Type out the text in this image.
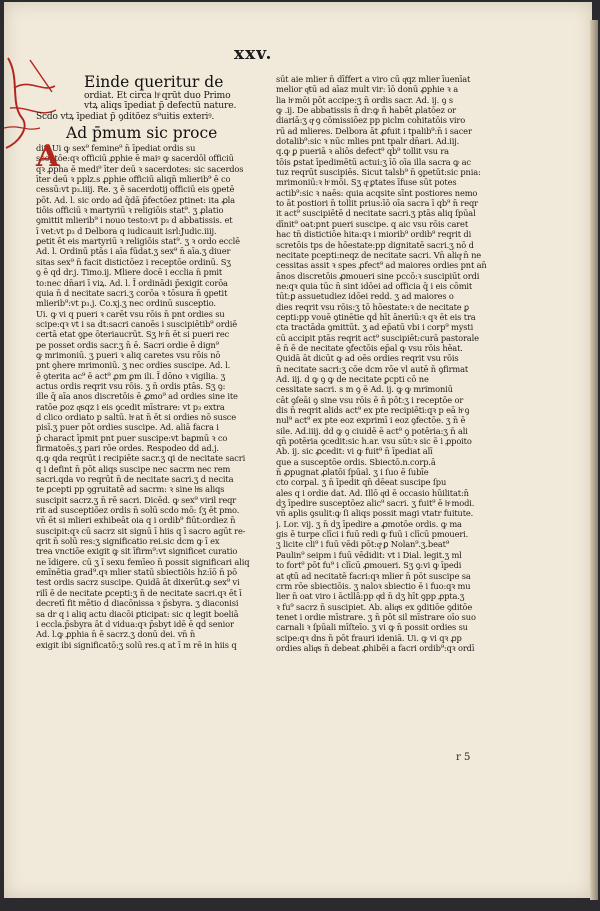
xxv.
Einde queritur de
ordiat. Et circa hͦ qrūt duo Primo
vtꝝ aliqs īpediat p̄ defectū nature.
Scdo vtꝝ īpediat p̄ ꝯditōez s⁹uitis exteriꝰ.
Ad p̄mum sic proce
dit. Ui ꝙ sex⁹ femine⁹ n̄ īpediat ordis su
sceptōe:qꝛ officiū ꝓphie ē maiꝰ ꝙ sacerdōl officiū
qꝛ ꝓpha ē medi⁹ īter deū ꝛ sacerdotes: sic sacerdos
īter deū ꝛ pplz.s ꝓphie officiū aliqn̄ mlierib⁹ ē co
cessū:vt p₃.iiij. Re. ʒ ē sacerdotij officiū eis ꝯpetē
pōt. Ad. l. sic ordo ad q̄dā p̄fectōez ptinet: ita ꝓla
tiōis officiū ꝛ martyriū ꝛ religiōis stat⁹. ʒ ꝓlatio
ꝯmittit mlierib⁹ i nouo testo:vt p₃ d abbatissis. et
ī vet:vt p₃ d Delbora q iudicauit isrl:Judic.iiij.
ꝑetit ēt eis martyriū ꝛ religiōis stat⁹. ʒ ꝛ ordo ecclē
Ad. l. Ordinū ptās i aīa fūdat.ʒ sex⁹ n̄ aīa.ʒ diuer
sitas sex⁹ n̄ facit distictōez i receptōe ordinū. Sʒ
ꝯ ē qd̄ dr.j. Timo.ij. Mliere docē i ecclia n̄ pmit
to:nec dn̄ari ī viꝝ. Ad. l. Ī ordinādi p̄exigit corōa
quia n̄ d necitate sacri.ʒ corōa ꝛ tōsura n̄ ꝯpetit
mlierib⁹:vt p₃.j. Co.xj.ʒ nec ordinū susceptio.
Ui. ꝙ vi q pueri ꝛ carēt vsu rōis n̄ pnt ordies su
scipe:qꝛ vt i sa dt:sacri canoēs i suscipiētib⁹ ordiē
certā etat̄ ꝯpe ōteriaucrūt. Sʒ hͦ n̄ ēt si pueri rec
pe posset ordis sacr.ʒ n̄ ē. Sacri ordie ē dign⁹
ꝙ mrimoniū. ʒ pueri ꝛ aliq caretes vsu rōis nō
pnt ꝯhere mrimoniū. ʒ nec ordies suscipe. Ad. l.
ē ꝯterita ac⁹ ē act⁹ ꝓm ꝑm ili. Ī dōno ꝛ vigilia. ʒ
actus ordis reqrit vsu rōis. ʒ n̄ ordis ptās. Sʒ ꝯ:
ille q̄ aīa anos discretōis ē ꝓmo⁹ ad ordies sine ite
ratōe ꝑoz qͣsqz i eis ꝯcedit mīstrare: vt p₃ extra
d clico ordiato p saltū. hͦ at n̄ ēt si ordies nō susce
pisī.ʒ puer pōt ordies suscipe. Ad. aliā facra i
p̄ charact̄ īpmit pnt puer suscipe:vt baꝑmū ꝛ co
firmatoēs.ʒ pari rōe ordes. Respodeo dd ad.j.
q.ꝙ qda reqrūt i recipiēte sacr.ʒ qi de necitate sacri
q i defint n̄ pōt aliqs suscipe nec sacrm nec rem
sacri.qda vo reqrūt n̄ de necitate sacri.ʒ d necita
te ꝑcepti pp ꝯgruitatē ad sacrm: ꝛ sine hͥs aliqs
suscipit sacrz.ʒ n̄ rē sacri. Dicēd. ꝙ sex⁹ viril reqr
rit ad susceptiōez ordis n̄ solū scdo mō: ſʒ ēt pmo.
vn̄ ēt si mlieri exhibeāt oia q i ordib⁹ fiūt:ordiez n̄
suscipit:qꝛ cū sacrz sit signū ī hiis q ī sacro agūt re-
qrit n̄ solū res:ʒ significatio rei.sic dcm ꝙ ī ex
trea vnctiōe exigit ꝙ sit īfirm⁹:vt significet curatio
ne īdigere. cū ʒ ī sexu femīeo n̄ possit significari aliq
emīnētia grad⁹.qꝛ mlier statū sbiectiōis hz:īō n̄ pō
test ordis sacrz suscipe. Quidā āt dixerūt.ꝙ sex⁹ vi
rilī ē de necitate ꝑcepti:ʒ n̄ de necitate sacri.qꝛ ēt ī
decretī fit mētio d diacōnissa ꝛ p̄sbyra. ʒ diaconisi
sa dr q i aliq actu diacōi ꝑticipat: sic q legit boeliā
i eccla.p̄sbyra āt d vidua:qꝛ p̄sbyt idē ē qd̄ senior
Ad. l.ꝙ ꝓphia n̄ ē sacrz.ʒ donū dei. vn̄ n̄
exigit ibi significatō:ʒ solū res.q at ī m rē in hiis q
A
sūt aie mlier n̄ dīffert a viro cū qͣqz mlier īuenīat
melior qͦtū ad aīaz mult vir: īō donū ꝓphie ꝛ a
lia hͦ mōi pōt accipe:ʒ n̄ ordis sacr. Ad. ij. ꝯ s
ꝙ .ij. De abbatissis n̄ dr:ꝙ n̄ habēt ꝓlatōez or
diariā:ʒ qͣ ꝯ cōmissiōez pp piclm cohitatōis viro
rū ad mlieres. Delbora āt ꝓfuit i tpalib⁹:n̄ i sacer
dotalib⁹:sic ꝛ nūc mlies pnt tpalr dn̄ari. Ad.iij.
q.ꝙ ꝑ pueriā ꝛ aliōs defect⁹ qb⁹ tollit vsu ra
tōis ꝑstat īpedimētū actui:ʒ īō oīa illa sacra ꝙ ac
tuz reqrūt suscipiēs. Sicut talsb⁹ n̄ ꝯpetūt:sic pnia:
mrimoniū:ꝛ hͦ mōi. Sʒ qͣ ꝑtates īfuse sūt potes
actib⁹:sic ꝛ naēs: quia acqsite sīnt postiores nemo
to āt postiori n̄ tollit prius:īō oīa sacra ī qb⁹ n̄ reqr
it act⁹ suscipiētē d necitate sacri.ʒ ptās aliq ſpūal
dīnit⁹ oat:pnt pueri suscipe. q aic vsu rōis caret
hac tn̄ distictiōe hita:qꝛ i miorib⁹ ordib⁹ reqrit di
scretōis tps de hōestate:pp dignitatē sacri.ʒ nō d
necitate pcepti:neqz de necitate sacri. Vn̄ aliqͣ n̄ ne
cessitas assit ꝛ spes ꝓfect⁹ ad maiores ordies pnt an̄
ānos discretōis ꝓmoueri sine pccō:ꝛ suscipiūt ordi
ne:qꝛ quia tūc n̄ sint idōei ad officia q̄ i eis cōmit
tūt:ꝑ assuetudiez idōei redd. ʒ ad maiores o
dies reqrit vsu rōis:ʒ tō hōestate:ꝛ de necitate ꝑ
cepti:pp vouē ꝯtinētie qd̄ hīt āneriū:ꝛ qꝛ ēt eis tra
cta tractāda ꝯmittūt. ʒ ad ep̄atū vbi i corp⁹ mysti
cū accipit ptās reqrit act⁹ suscipiēt:curā pastorale
ē n̄ ē de necitate ꝯfectōis ep̄al ꝙ vsu rōis hēat.
Quidā āt dicūt ꝙ ad oēs ordies reqrit vsu rōis
n̄ necitate sacri:ʒ cōe dcm rōe vl autē n̄ ꝯfirmat
Ad. iij. d ꝙ ꝯ ꝙ de necitate ꝑcpti cō ne
cessitate sacri. s m ꝯ ē Ad. ij. ꝙ ꝙ mrimoniū
cāt ꝯſeāi ꝯ sine vsu rōis ē n̄ pōt:ʒ i receptōe or
dis n̄ reqrit alids act⁹ ex pte recipiēti:qꝛ p eā hͦ ꝯ
nul⁹ act⁹ ex pte eoz exprimī i eoz ꝯfectōe. ʒ n̄ ē
sile. Ad.iiij. dd ꝙ ꝯ ciuidē ē act⁹ ꝯ potēria:ʒ n̄ ali
qn̄ potēria ꝯcedit:sic h.ar. vsu sūt:ꝛ sic ē i ꝓpoito
Ab. ij. sic ꝓcedit: vi ꝙ fuit⁹ n̄ īpediat alī
que a susceptōe ordis. Sbiectō.n.corp.ā
n̄ ꝓpugnat ꝓlatōi ſpūal. ʒ i ſuo ē ſubīe
cto corpal. ʒ n̄ īpedit qn̄ dēeat suscipe ſpu
ales q i ordie dat. Ad. Illō qͦd ē occasio hūilitat:n̄
dʒ īpedire susceptōez alic⁹ sacri. ʒ fuit⁹ ē hͦ modi.
vn̄ aplis ꝯsulit:ꝙ ſi aliqs possit magi vtatr fuitute.
j. Lor. vij. ʒ n̄ dʒ īpedire a ꝓmotōe ordis. ꝙ ma
gis ē turpe clīci i fuū redi ꝙ fuū i clīcū pmoueri.
ʒ licite cli⁹ i fuū vēdi pōt:qͣ ꝑ Nolan⁹.ʒ.beat⁹
Paulin⁹ seipm i fuū vēdidit: vt i Dial. legit.ʒ ml
to fort⁹ pōt fu⁹ i clīcū ꝓmoueri. Sʒ ꝯ:vi ꝙ īpedi
at qͦtū ad necitatē facri:qꝛ mlier n̄ pōt suscipe sa
crm rōe sbiectiōis. ʒ naloꝛ sbiectio ē i fuo:qꝛ mu
lier n̄ oat viro i āctllā:pp qͦd n̄ dʒ hīt ꝯpp ꝓpta.ʒ
ꝛ fu⁹ sacrz n̄ suscipiet. Ab. aliqͣs ex ꝯditiōe ꝯditōe
tenet i ordie mīstrare. ʒ n̄ pōt sil mīstrare oīo suo
carnali ꝛ ſpūali mīſteīo. ʒ vi ꝙ n̄ possit ordies su
scipe:qꝛ dns n̄ pōt frauri ideniā. Ui. ꝙ vi qꝛ ꝓp
ordies aliqͣs n̄ debeat ꝓhibēi a facri ordib⁹:qꝛ ordī
r 5
